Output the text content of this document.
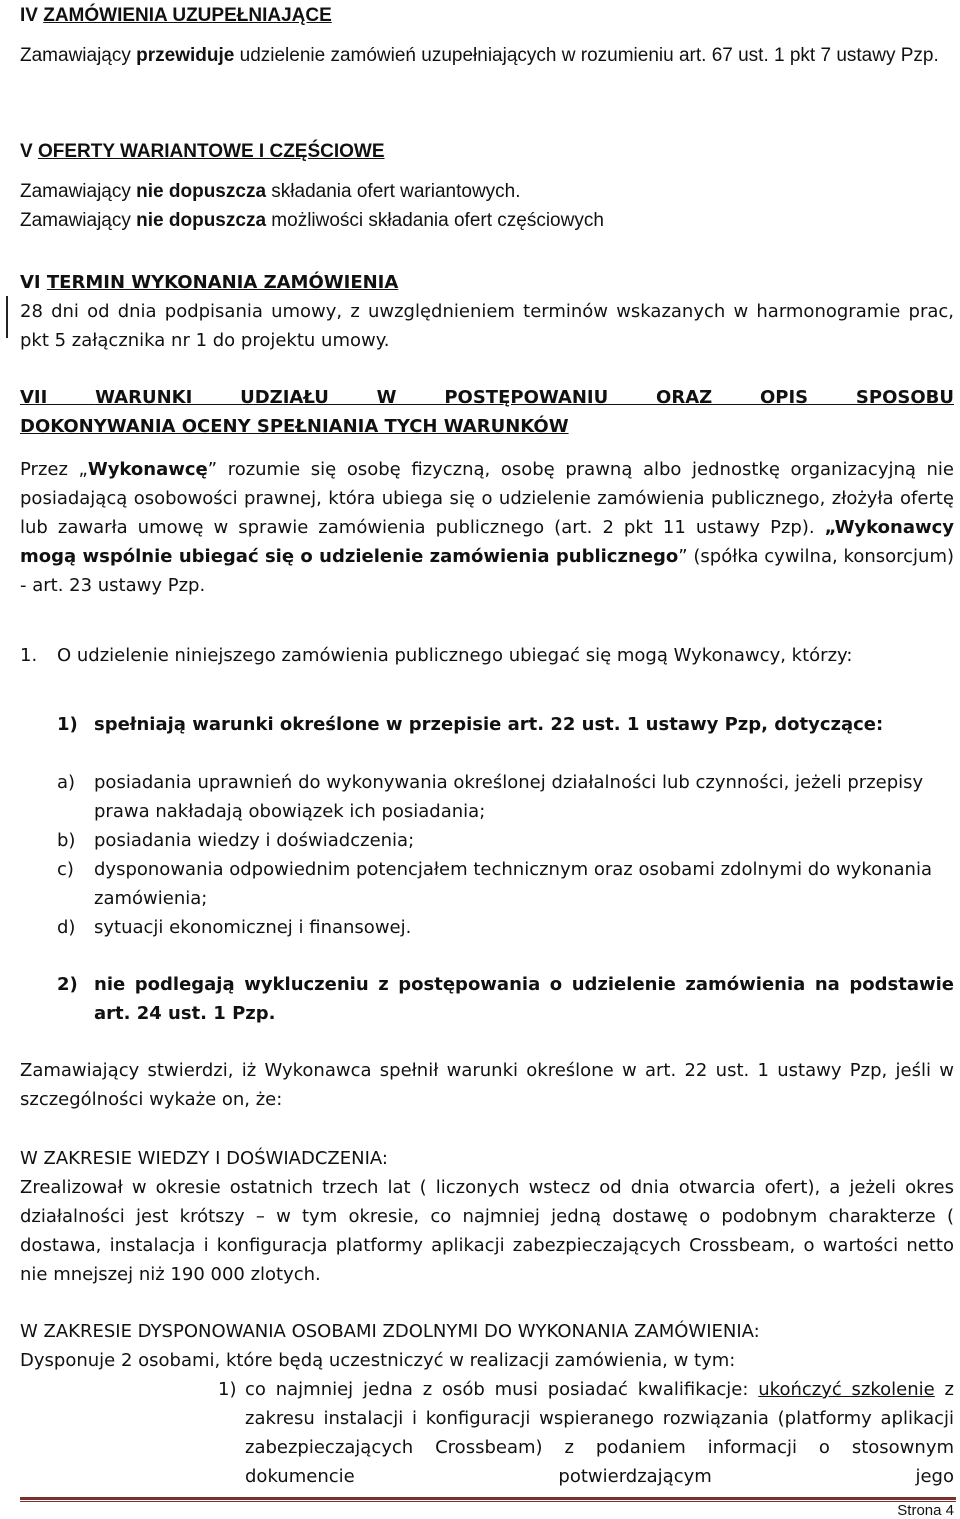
IV ZAMÓWIENIA UZUPEŁNIAJĄCE

Zamawiający przewiduje udzielenie zamówień uzupełniających w rozumieniu art. 67 ust. 1 pkt 7 ustawy Pzp.

V OFERTY WARIANTOWE I CZĘŚCIOWE

Zamawiający nie dopuszcza składania ofert wariantowych.
Zamawiający nie dopuszcza możliwości składania ofert częściowych

VI TERMIN WYKONANIA ZAMÓWIENIA

28 dni od dnia podpisania umowy, z uwzględnieniem terminów wskazanych w harmonogramie prac, pkt 5 załącznika nr 1 do projektu umowy.

VII WARUNKI UDZIAŁU W POSTĘPOWANIU ORAZ OPIS SPOSOBU
DOKONYWANIA OCENY SPEŁNIANIA TYCH WARUNKÓW

Przez „Wykonawcę” rozumie się osobę fizyczną, osobę prawną albo jednostkę organizacyjną nie posiadającą osobowości prawnej, która ubiega się o udzielenie zamówienia publicznego, złożyła ofertę lub zawarła umowę w sprawie zamówienia publicznego (art. 2 pkt 11 ustawy Pzp). „Wykonawcy mogą wspólnie ubiegać się o udzielenie zamówienia publicznego” (spółka cywilna, konsorcjum) - art. 23 ustawy Pzp.

1. O udzielenie niniejszego zamówienia publicznego ubiegać się mogą Wykonawcy, którzy:
1) spełniają warunki określone w przepisie art. 22 ust. 1 ustawy Pzp, dotyczące:
a) posiadania uprawnień do wykonywania określonej działalności lub czynności, jeżeli przepisy prawa nakładają obowiązek ich posiadania;
b) posiadania wiedzy i doświadczenia;
c) dysponowania odpowiednim potencjałem technicznym oraz osobami zdolnymi do wykonania zamówienia;
d) sytuacji ekonomicznej i finansowej.
2) nie podlegają wykluczeniu z postępowania o udzielenie zamówienia na podstawie art. 24 ust. 1 Pzp.

Zamawiający stwierdzi, iż Wykonawca spełnił warunki określone w art. 22 ust. 1 ustawy Pzp, jeśli w szczególności wykaże on, że:

W ZAKRESIE WIEDZY I DOŚWIADCZENIA:

Zrealizował w okresie ostatnich trzech lat ( liczonych wstecz od dnia otwarcia ofert), a jeżeli okres działalności jest krótszy – w tym okresie, co najmniej jedną dostawę o podobnym charakterze ( dostawa, instalacja i konfiguracja platformy aplikacji zabezpieczających Crossbeam, o wartości netto nie mnejszej niż 190 000 zlotych.

W ZAKRESIE DYSPONOWANIA OSOBAMI ZDOLNYMI DO WYKONANIA ZAMÓWIENIA:

Dysponuje 2 osobami, które będą uczestniczyć w realizacji zamówienia, w tym:

1) co najmniej jedna z osób musi posiadać kwalifikacje: ukończyć szkolenie z zakresu instalacji i konfiguracji wspieranego rozwiązania (platformy aplikacji zabezpieczających Crossbeam) z podaniem informacji o stosownym dokumencie potwierdzającym jego
Strona 4
